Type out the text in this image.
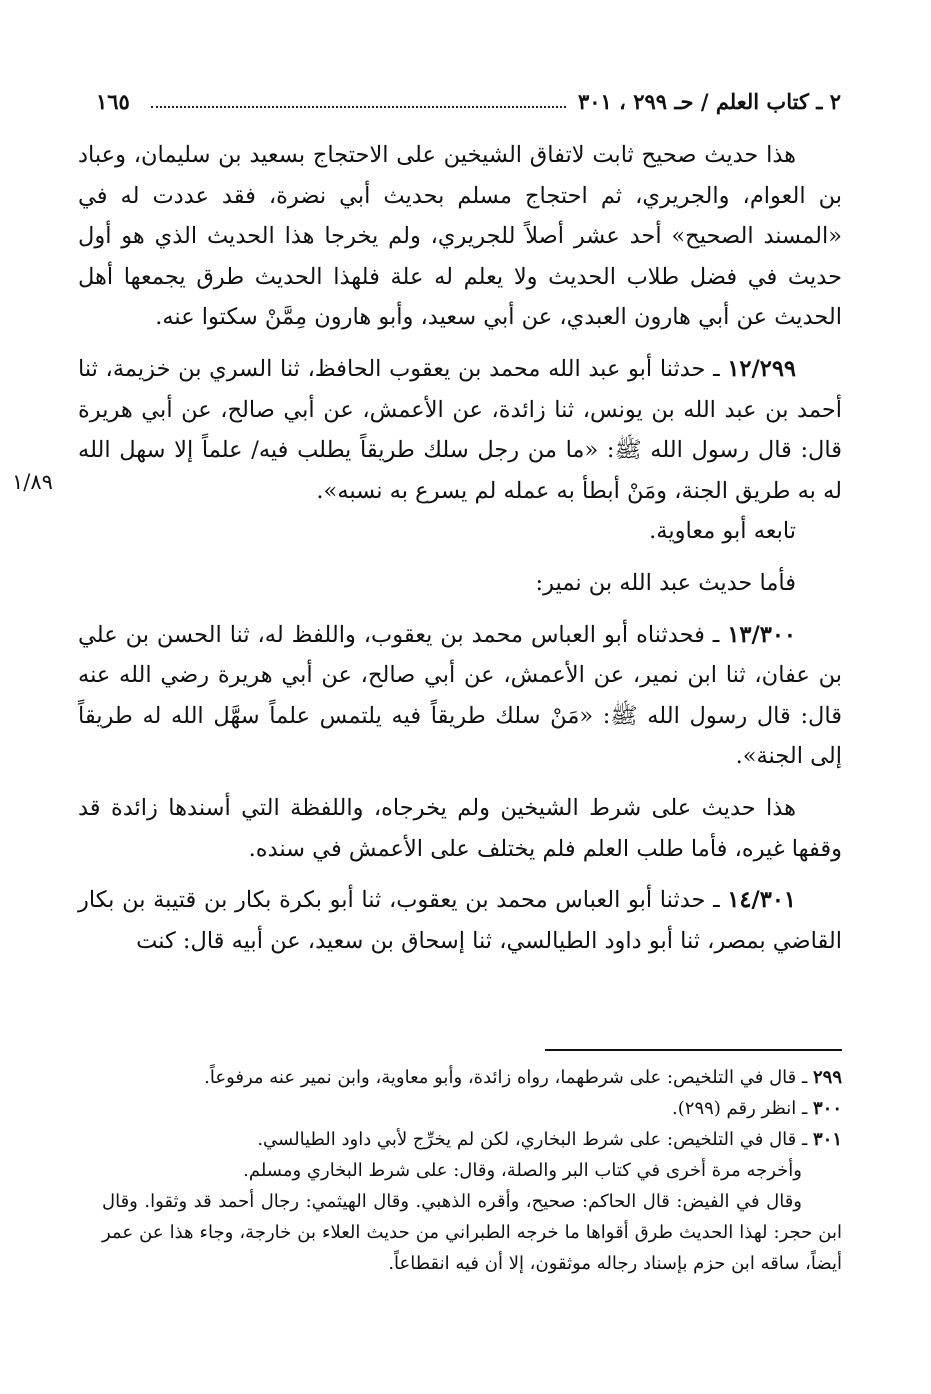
٢ ـ كتاب العلم / حـ ٢٩٩ ، ٣٠١
١٦٥
١/٨٩

هذا حديث صحيح ثابت لاتفاق الشيخين على الاحتجاج بسعيد بن سليمان، وعباد بن العوام، والجريري، ثم احتجاج مسلم بحديث أبي نضرة، فقد عددت له في «المسند الصحيح» أحد عشر أصلاً للجريري، ولم يخرجا هذا الحديث الذي هو أول حديث في فضل طلاب الحديث ولا يعلم له علة فلهذا الحديث طرق يجمعها أهل الحديث عن أبي هارون العبدي، عن أبي سعيد، وأبو هارون مِمَّنْ سكتوا عنه.

١٢/٢٩٩ ـ حدثنا أبو عبد الله محمد بن يعقوب الحافظ، ثنا السري بن خزيمة، ثنا أحمد بن عبد الله بن يونس، ثنا زائدة، عن الأعمش، عن أبي صالح، عن أبي هريرة قال: قال رسول الله ﷺ: «ما من رجل سلك طريقاً يطلب فيه/ علماً إلا سهل الله له به طريق الجنة، ومَنْ أبطأ به عمله لم يسرع به نسبه».

تابعه أبو معاوية.

فأما حديث عبد الله بن نمير:

١٣/٣٠٠ ـ فحدثناه أبو العباس محمد بن يعقوب، واللفظ له، ثنا الحسن بن علي بن عفان، ثنا ابن نمير، عن الأعمش، عن أبي صالح، عن أبي هريرة رضي الله عنه قال: قال رسول الله ﷺ: «مَنْ سلك طريقاً فيه يلتمس علماً سهَّل الله له طريقاً إلى الجنة».

هذا حديث على شرط الشيخين ولم يخرجاه، واللفظة التي أسندها زائدة قد وقفها غيره، فأما طلب العلم فلم يختلف على الأعمش في سنده.

١٤/٣٠١ ـ حدثنا أبو العباس محمد بن يعقوب، ثنا أبو بكرة بكار بن قتيبة بن بكار القاضي بمصر، ثنا أبو داود الطيالسي، ثنا إسحاق بن سعيد، عن أبيه قال: كنت

٢٩٩ ـ قال في التلخيص: على شرطهما، رواه زائدة، وأبو معاوية، وابن نمير عنه مرفوعاً.

٣٠٠ ـ انظر رقم (٢٩٩).

٣٠١ ـ قال في التلخيص: على شرط البخاري، لكن لم يخرِّج لأبي داود الطيالسي.

وأخرجه مرة أخرى في كتاب البر والصلة، وقال: على شرط البخاري ومسلم.

وقال في الفيض: قال الحاكم: صحيح، وأقره الذهبي. وقال الهيثمي: رجال أحمد قد وثقوا. وقال ابن حجر: لهذا الحديث طرق أقواها ما خرجه الطبراني من حديث العلاء بن خارجة، وجاء هذا عن عمر أيضاً، ساقه ابن حزم بإسناد رجاله موثقون، إلا أن فيه انقطاعاً.
